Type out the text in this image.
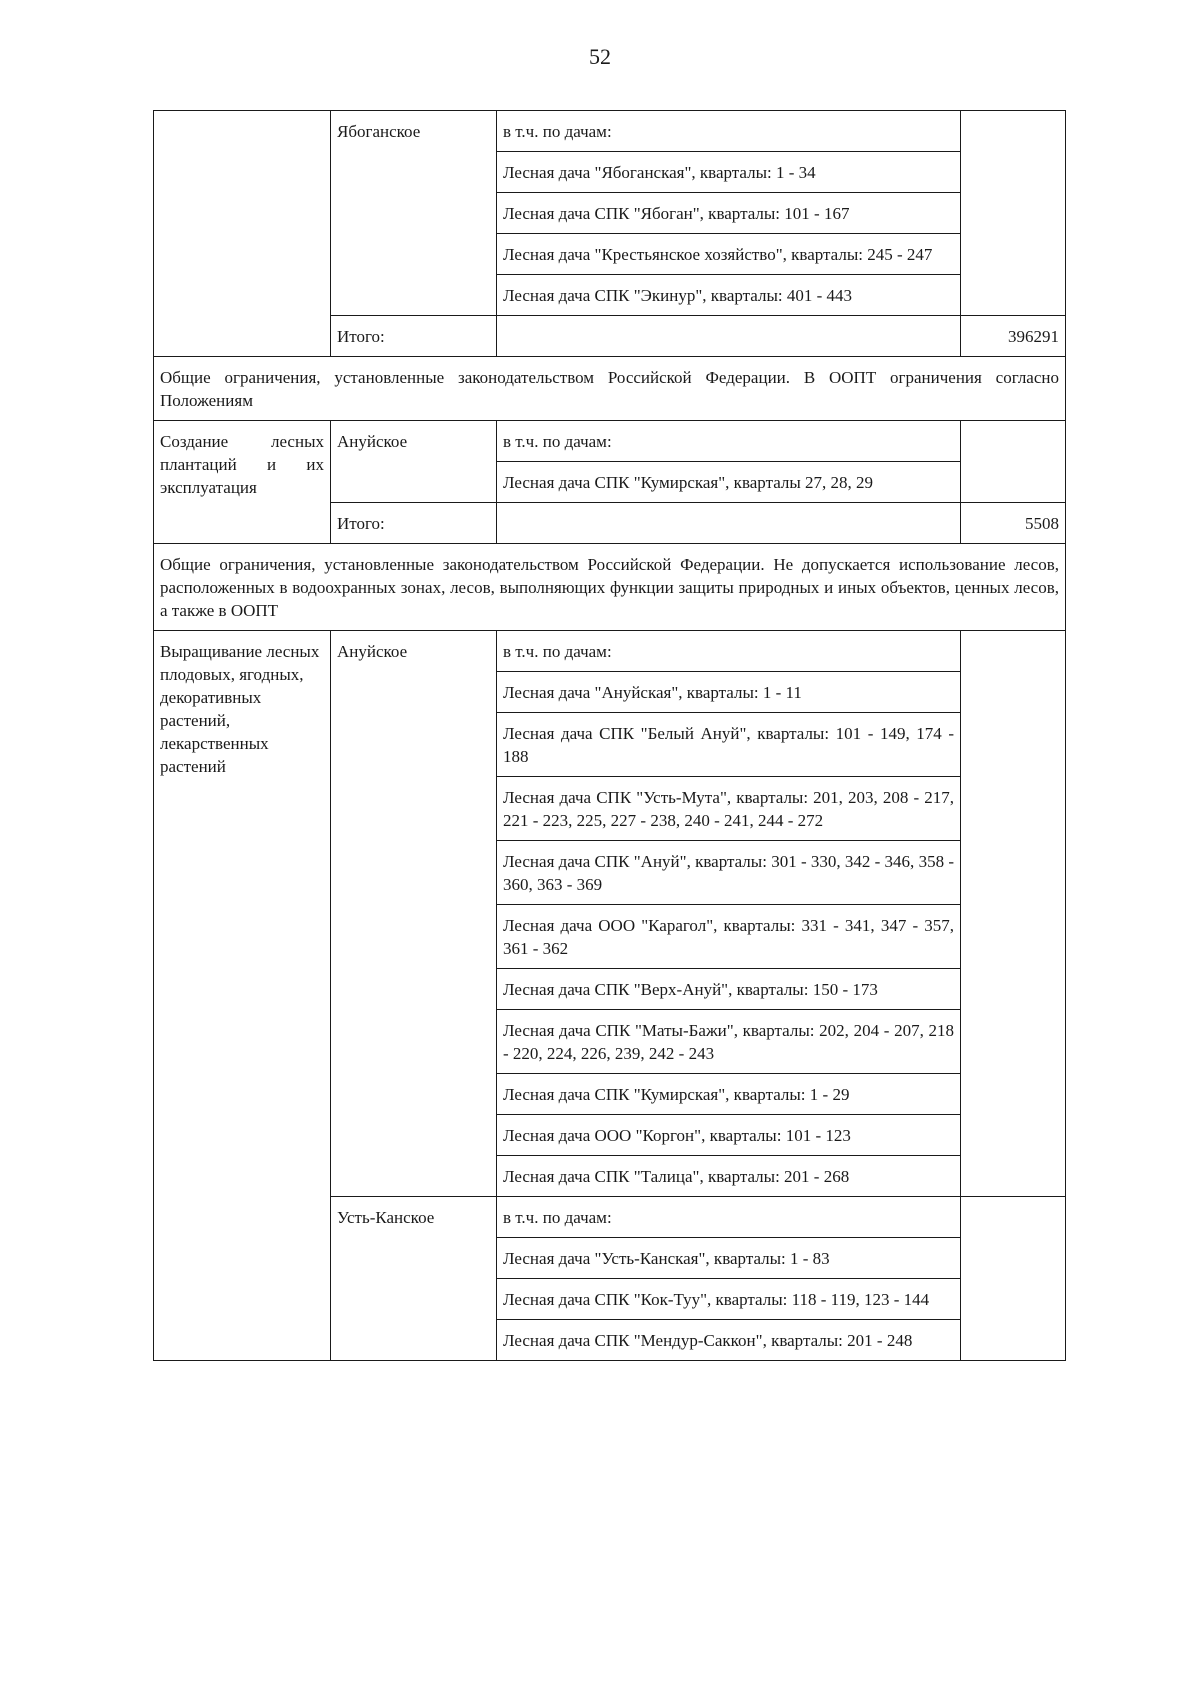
52
	Ябоганское	в т.ч. по дачам:	
		Лесная дача "Ябоганская", кварталы: 1 - 34	
		Лесная дача СПК "Ябоган", кварталы: 101 - 167	
		Лесная дача "Крестьянское хозяйство", кварталы: 245 - 247	
		Лесная дача СПК "Экинур", кварталы: 401 - 443	
	Итого:		396291
Общие ограничения, установленные законодательством Российской Федерации. В ООПТ ограничения согласно Положениям			
Создание лесных плантаций и их эксплуатация	Ануйское	в т.ч. по дачам:	
		Лесная дача СПК "Кумирская", кварталы 27, 28, 29	
	Итого:		5508
Общие ограничения, установленные законодательством Российской Федерации. Не допускается использование лесов, расположенных в водоохранных зонах, лесов, выполняющих функции защиты природных и иных объектов, ценных лесов, а также в ООПТ			
Выращивание лесных плодовых, ягодных, декоративных растений, лекарственных растений	Ануйское	в т.ч. по дачам:	
		Лесная дача "Ануйская", кварталы: 1 - 11	
		Лесная дача СПК "Белый Ануй", кварталы: 101 - 149, 174 - 188	
		Лесная дача СПК "Усть-Мута", кварталы: 201, 203, 208 - 217, 221 - 223, 225, 227 - 238, 240 - 241, 244 - 272	
		Лесная дача СПК "Ануй", кварталы: 301 - 330, 342 - 346, 358 - 360, 363 - 369	
		Лесная дача ООО "Карагол", кварталы: 331 - 341, 347 - 357, 361 - 362	
		Лесная дача СПК "Верх-Ануй", кварталы: 150 - 173	
		Лесная дача СПК "Маты-Бажи", кварталы: 202, 204 - 207, 218 - 220, 224, 226, 239, 242 - 243	
		Лесная дача СПК "Кумирская", кварталы: 1 - 29	
		Лесная дача ООО "Коргон", кварталы: 101 - 123	
		Лесная дача СПК "Талица", кварталы: 201 - 268	
	Усть-Канское	в т.ч. по дачам:	
		Лесная дача "Усть-Канская", кварталы: 1 - 83	
		Лесная дача СПК "Кок-Туу", кварталы: 118 - 119, 123 - 144	
		Лесная дача СПК "Мендур-Саккон", кварталы: 201 - 248	
